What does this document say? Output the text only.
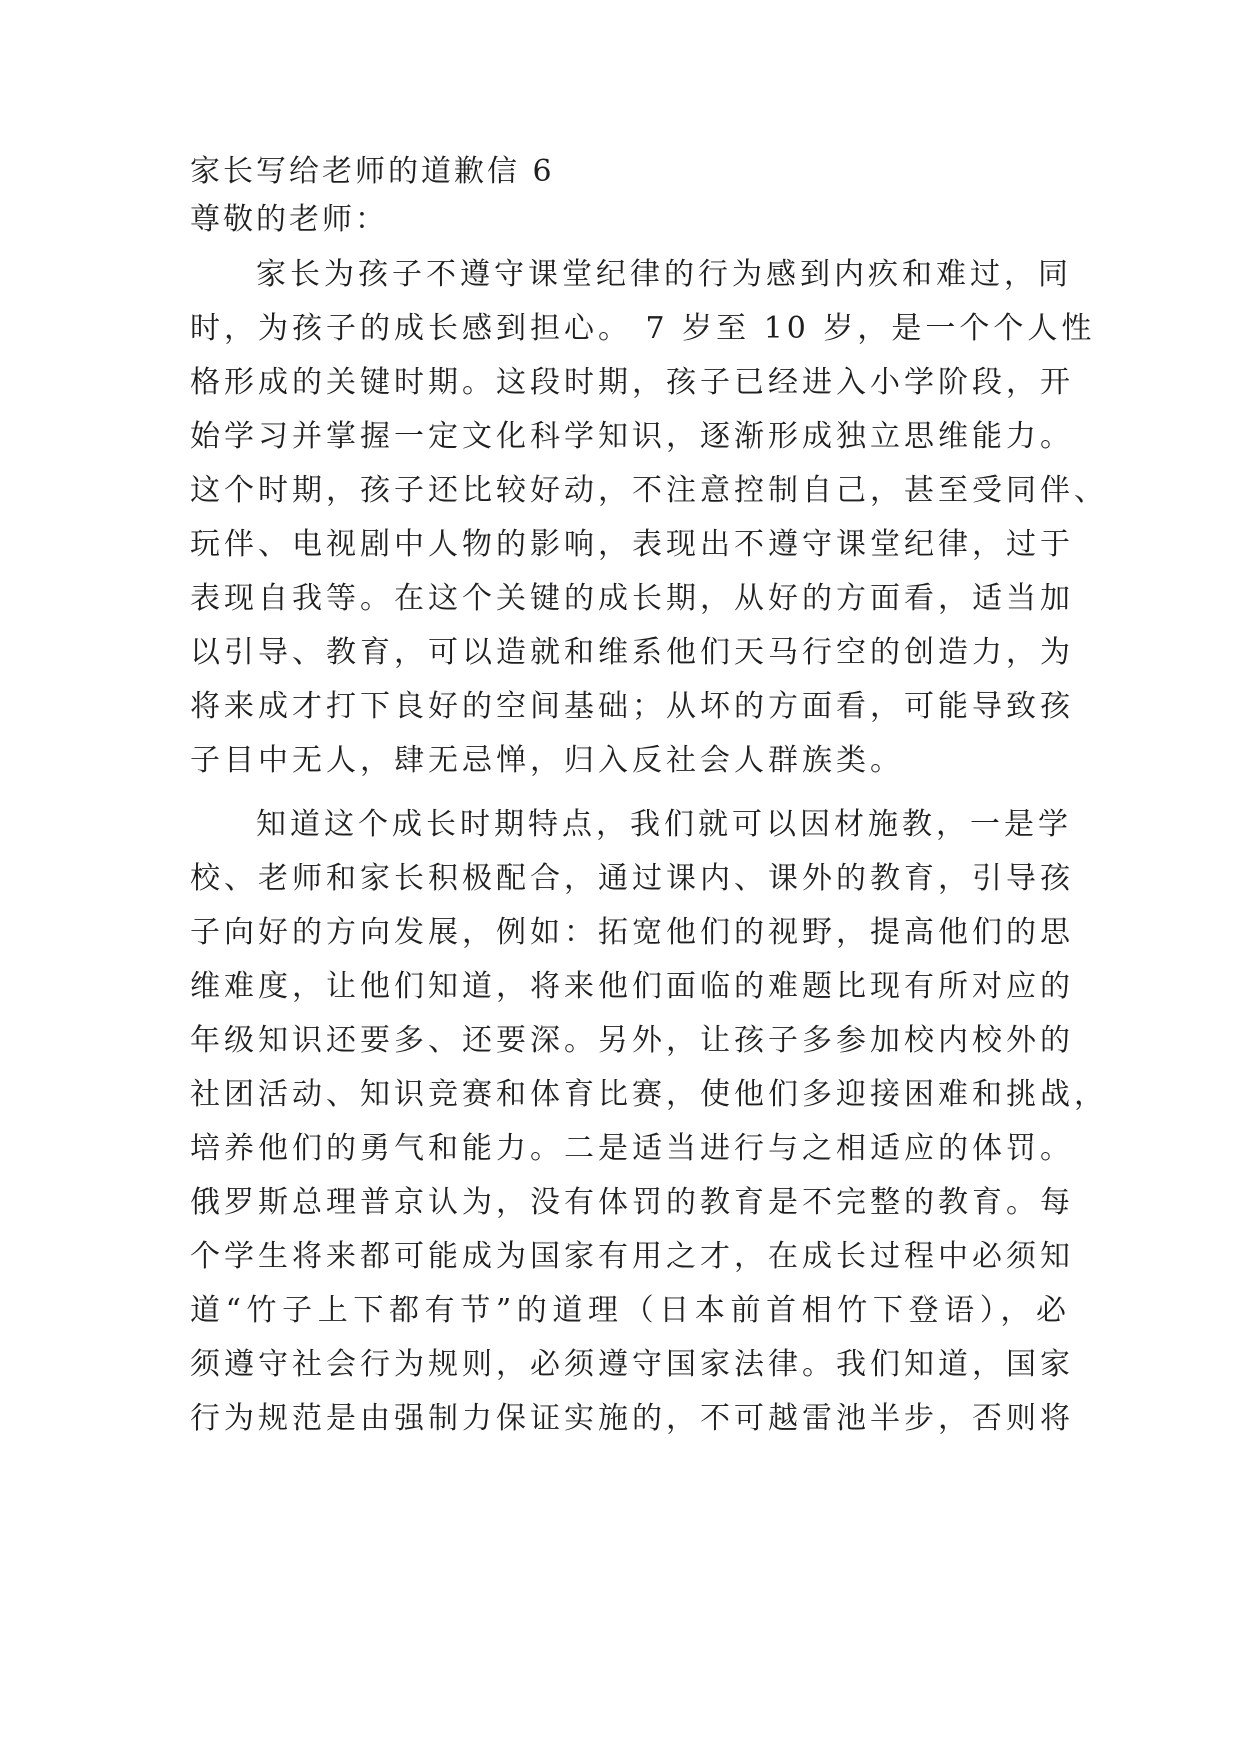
家长写给老师的道歉信 6
尊敬的老师：
家长为孩子不遵守课堂纪律的行为感到内疚和难过，同
时，为孩子的成长感到担心。 7 岁至 10 岁，是一个个人性
格形成的关键时期。这段时期，孩子已经进入小学阶段，开
始学习并掌握一定文化科学知识，逐渐形成独立思维能力。
这个时期，孩子还比较好动，不注意控制自己，甚至受同伴、
玩伴、电视剧中人物的影响，表现出不遵守课堂纪律，过于
表现自我等。在这个关键的成长期，从好的方面看，适当加
以引导、教育，可以造就和维系他们天马行空的创造力，为
将来成才打下良好的空间基础；从坏的方面看，可能导致孩
子目中无人，肆无忌惮，归入反社会人群族类。
知道这个成长时期特点，我们就可以因材施教，一是学
校、老师和家长积极配合，通过课内、课外的教育，引导孩
子向好的方向发展，例如：拓宽他们的视野，提高他们的思
维难度，让他们知道，将来他们面临的难题比现有所对应的
年级知识还要多、还要深。另外，让孩子多参加校内校外的
社团活动、知识竞赛和体育比赛，使他们多迎接困难和挑战，
培养他们的勇气和能力。二是适当进行与之相适应的体罚。
俄罗斯总理普京认为，没有体罚的教育是不完整的教育。每
个学生将来都可能成为国家有用之才，在成长过程中必须知
道“竹子上下都有节”的道理（日本前首相竹下登语），必
须遵守社会行为规则，必须遵守国家法律。我们知道，国家
行为规范是由强制力保证实施的，不可越雷池半步，否则将
